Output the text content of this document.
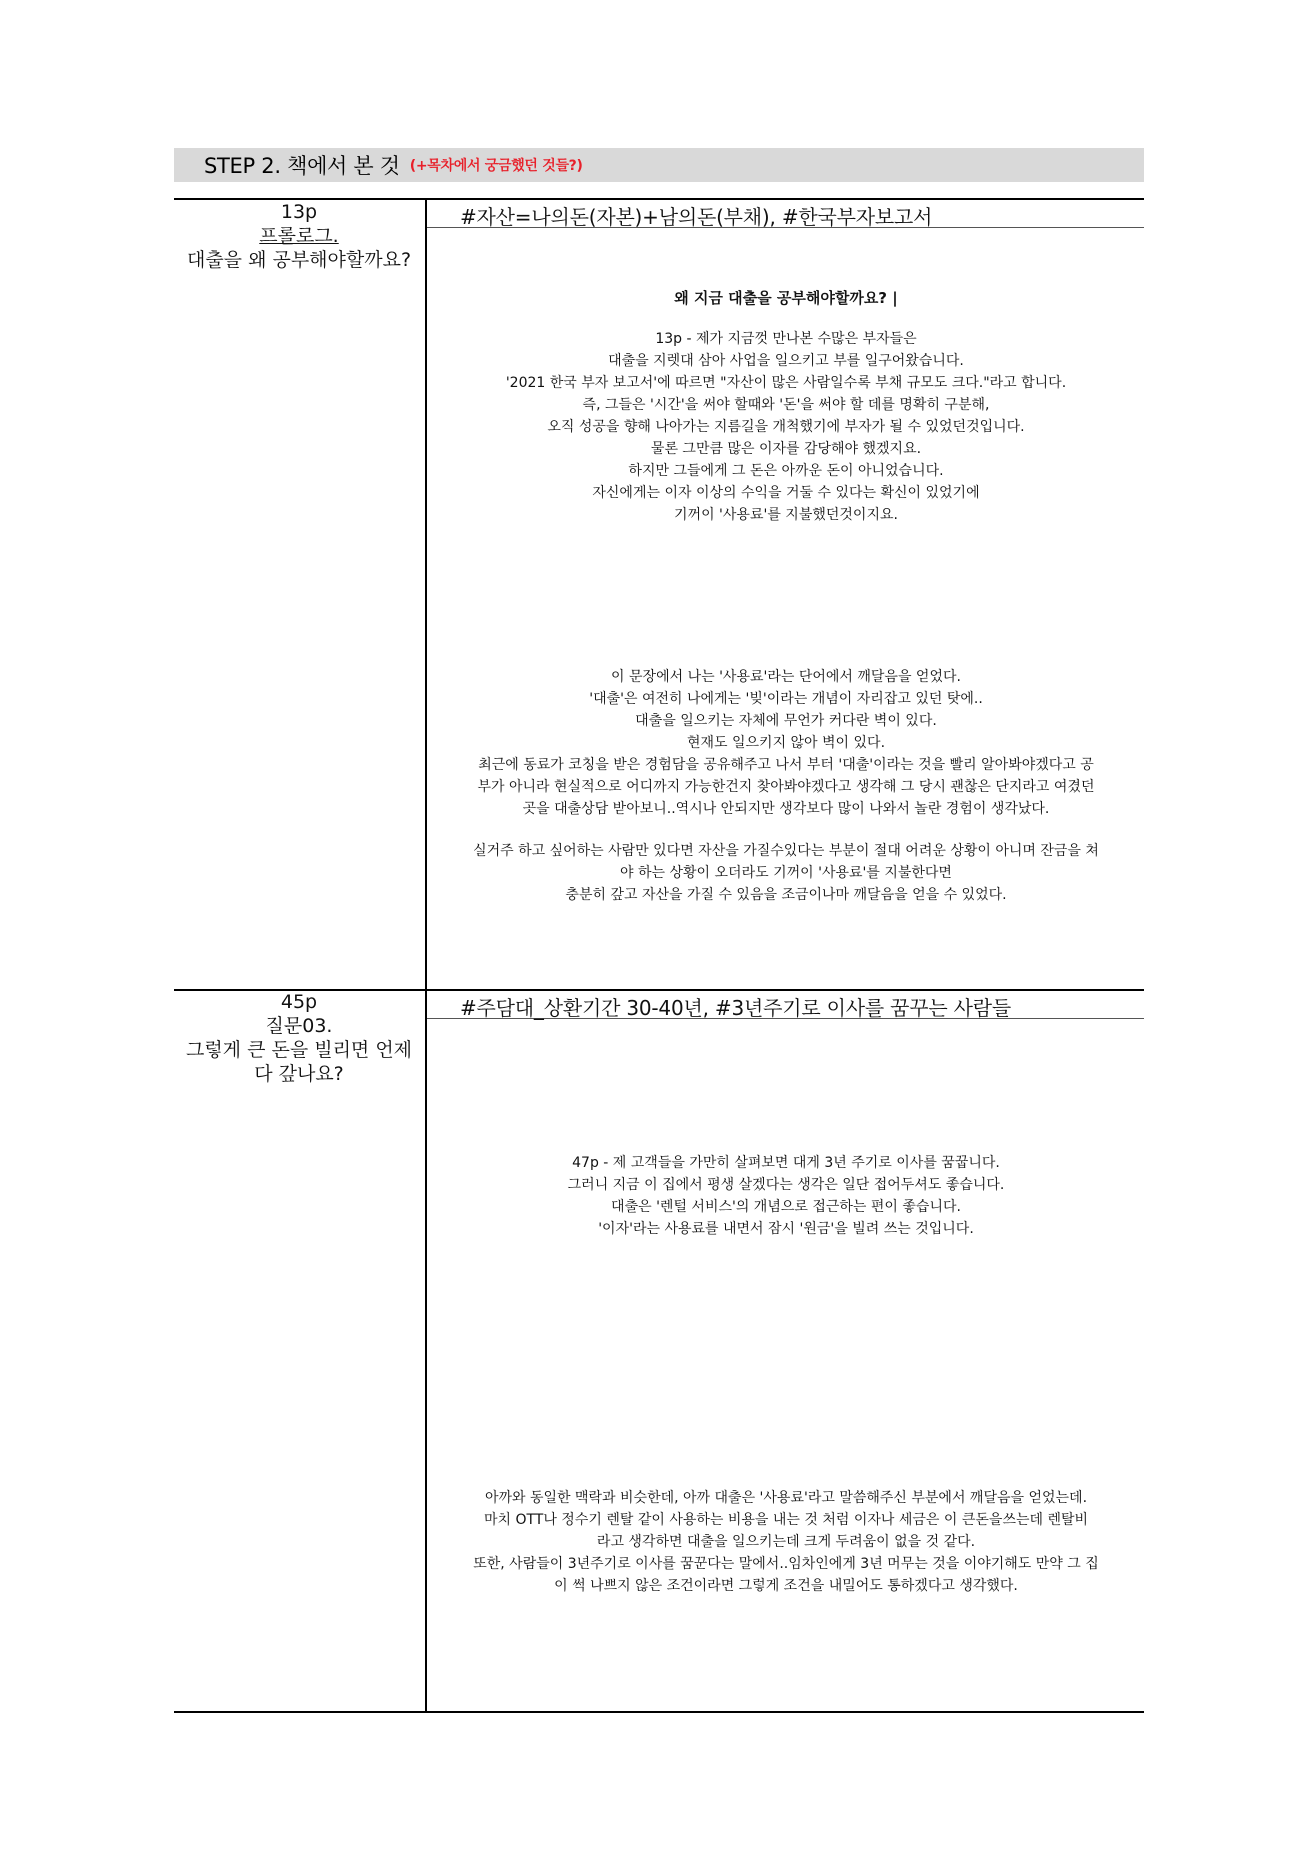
STEP 2. 책에서 본 것 (+목차에서 궁금했던 것들?)
13p
프롤로그.
대출을 왜 공부해야할까요?
#자산=나의돈(자본)+남의돈(부채), #한국부자보고서
왜 지금 대출을 공부해야할까요? |
13p - 제가 지금껏 만나본 수많은 부자들은
대출을 지렛대 삼아 사업을 일으키고 부를 일구어왔습니다.
'2021 한국 부자 보고서'에 따르면 "자산이 많은 사람일수록 부채 규모도 크다."라고 합니다.
즉, 그들은 '시간'을 써야 할때와 '돈'을 써야 할 데를 명확히 구분해,
오직 성공을 향해 나아가는 지름길을 개척했기에 부자가 될 수 있었던것입니다.
물론 그만큼 많은 이자를 감당해야 했겠지요.
하지만 그들에게 그 돈은 아까운 돈이 아니었습니다.
자신에게는 이자 이상의 수익을 거둘 수 있다는 확신이 있었기에
기꺼이 '사용료'를 지불했던것이지요.
이 문장에서 나는 '사용료'라는 단어에서 깨달음을 얻었다.
'대출'은 여전히 나에게는 '빚'이라는 개념이 자리잡고 있던 탓에..
대출을 일으키는 자체에 무언가 커다란 벽이 있다.
현재도 일으키지 않아 벽이 있다.
최근에 동료가 코칭을 받은 경험담을 공유해주고 나서 부터 '대출'이라는 것을 빨리 알아봐야겠다고 공
부가 아니라 현실적으로 어디까지 가능한건지 찾아봐야겠다고 생각해 그 당시 괜찮은 단지라고 여겼던
곳을 대출상담 받아보니..역시나 안되지만 생각보다 많이 나와서 놀란 경험이 생각났다.
실거주 하고 싶어하는 사람만 있다면 자산을 가질수있다는 부분이 절대 어려운 상황이 아니며 잔금을 쳐
야 하는 상황이 오더라도 기꺼이 '사용료'를 지불한다면
충분히 갚고 자산을 가질 수 있음을 조금이나마 깨달음을 얻을 수 있었다.
45p
질문03.
그렇게 큰 돈을 빌리면 언제
다 갚나요?
#주담대_상환기간 30-40년, #3년주기로 이사를 꿈꾸는 사람들
47p - 제 고객들을 가만히 살펴보면 대게 3년 주기로 이사를 꿈꿉니다.
그러니 지금 이 집에서 평생 살겠다는 생각은 일단 접어두셔도 좋습니다.
대출은 '렌털 서비스'의 개념으로 접근하는 편이 좋습니다.
'이자'라는 사용료를 내면서 잠시 '원금'을 빌려 쓰는 것입니다.
아까와 동일한 맥락과 비슷한데, 아까 대출은 '사용료'라고 말씀해주신 부분에서 깨달음을 얻었는데.
마치 OTT나 정수기 렌탈 같이 사용하는 비용을 내는 것 처럼 이자나 세금은 이 큰돈을쓰는데 렌탈비
라고 생각하면 대출을 일으키는데 크게 두려움이 없을 것 같다.
또한, 사람들이 3년주기로 이사를 꿈꾼다는 말에서..임차인에게 3년 머무는 것을 이야기해도 만약 그 집
이 썩 나쁘지 않은 조건이라면 그렇게 조건을 내밀어도 통하겠다고 생각했다.
